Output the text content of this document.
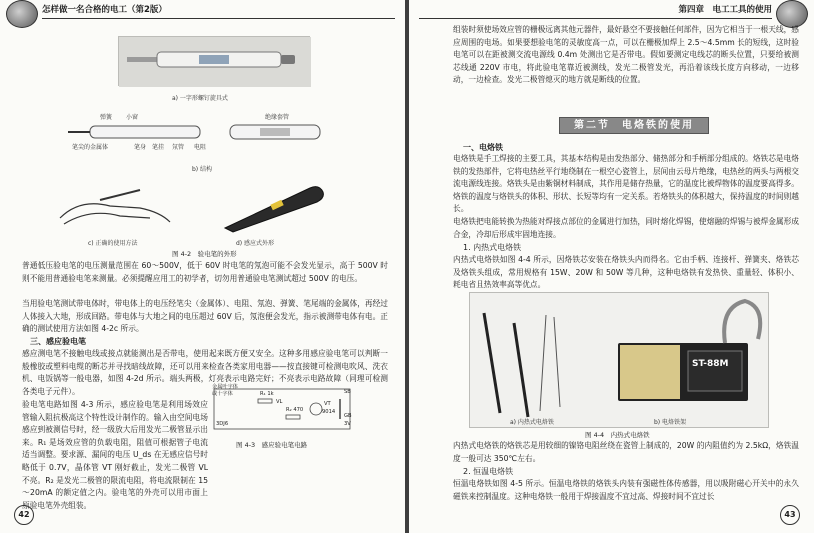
怎样做一名合格的电工（第2版）
a) 一字形螺钉旋具式
弹簧 小窗
氖管 电阻
笔尖的金属体	笔身 笔挂
绝缘套管
b) 结构
c) 正确的使用方法	d) 感应式外形
图 4-2　验电笔的外形
普通低压验电笔的电压测量范围在 60～500V，低于 60V 时电笔的氖泡可能不会发光显示，高于 500V 时则不能用普通验电笔来测量。必须提醒应用工的初学者，切勿用普通验电笔测试超过 500V 的电压。
当用验电笔测试带电体时，带电体上的电压经笔尖（金属体）、电阻、氖泡、弹簧、笔尾端的金属体，再经过人体接入大地，形成回路。带电体与大地之间的电压超过 60V 后，氖泡便会发光，指示被测带电体有电。正确的测试使用方法如图 4-2c 所示。
三、感应验电笔
感应测电笔不接触电线或接点就能测出是否带电，使用起来既方便又安全。这种多用感应验电笔可以判断一般橡胶或塑料电缆的断芯并寻找暗线故障，还可以用来检查各类家用电器——按直接键可检测电吹风、洗衣机、电饭锅等一般电器，如图 4-2d 所示。端头两极，灯亮表示电路完好；不亮表示电路故障（同理可检测各类电子元件）。
验电笔电路如图 4-3 所示，感应验电笔是利用场效应管输入阻抗极高这个特性设计制作的。输入由空间电场感应到被测信号时，经一级放大后用发光二极管显示出来。R₁ 是场效应管的负载电阻，阻值可根据管子电流适当调整。要求源、漏间的电压 U_ds 在无感应信号时略低于 0.7V，晶体管 VT 刚好截止，发光二极管 VL 不亮。R₂ 是发光二极管的限流电阻，将电流限制在 15～20mA 的额定值之内。验电笔的外壳可以用市面上原验电笔外壳组装。
金属叶字体
或十字体	R₁ 1k
R₂ 470
VL	VT
9014
3DJ6
SB
GB
3V
图 4-3　感应验电笔电路
42
第四章　电工工具的使用
组装时须使场效应管的栅极远离其他元器件，最好悬空不要接触任何部件，因为它相当于一根天线，感应周围的电场。如果要想验电笔的灵敏度高一点，可以在栅极加焊上 2.5～4.5mm 长的短线，这时验电笔可以在距被测交流电源线 0.4m 处测出它是否带电。假如要测定电线芯的断头位置，只要给被测芯线通 220V 市电，将此验电笔靠近被测线，发光二极管发光，再沿着该线长度方向移动，一边移动，一边检查。发光二极管熄灭的地方就是断线的位置。
第二节　电烙铁的使用
一、电烙铁
电烙铁是手工焊接的主要工具，其基本结构是由发热部分、储热部分和手柄部分组成的。烙铁芯是电烙铁的发热部件，它将电热丝平行地绕制在一根空心瓷管上，层间由云母片绝缘，电热丝的两头与两根交流电源线连接。烙铁头是由紫铜材料制成，其作用是储存热量，它的温度比被焊物体的温度要高得多。烙铁的温度与烙铁头的体积、形状、长短等均有一定关系。若烙铁头的体积越大，保持温度的时间则越长。
电烙铁把电能转换为热能对焊接点部位的金属进行加热，同时熔化焊锡，使熔融的焊锡与被焊金属形成合金，冷却后形成牢固地连接。
1. 内热式电烙铁
内热式电烙铁如图 4-4 所示，因烙铁芯安装在烙铁头内而得名。它由手柄、连接杆、弹簧夹、烙铁芯及烙铁头组成，常用规格有 15W、20W 和 50W 等几种，这种电烙铁有发热快、重量轻、体积小、耗电省且热效率高等优点。
ST-88M
a) 内热式电烙铁	b) 电烙铁架
图 4-4　内热式电烙铁
内热式电烙铁的烙铁芯是用较细的镍铬电阻丝绕在瓷管上制成的，20W 的内阻值约为 2.5kΩ，烙铁温度一般可达 350℃左右。
2. 恒温电烙铁
恒温电烙铁如图 4-5 所示。恒温电烙铁的烙铁头内装有强磁性体传感器，用以吸附磁心开关中的永久磁铁来控制温度。这种电烙铁一般用于焊接温度不宜过高、焊接时间不宜过长
43
